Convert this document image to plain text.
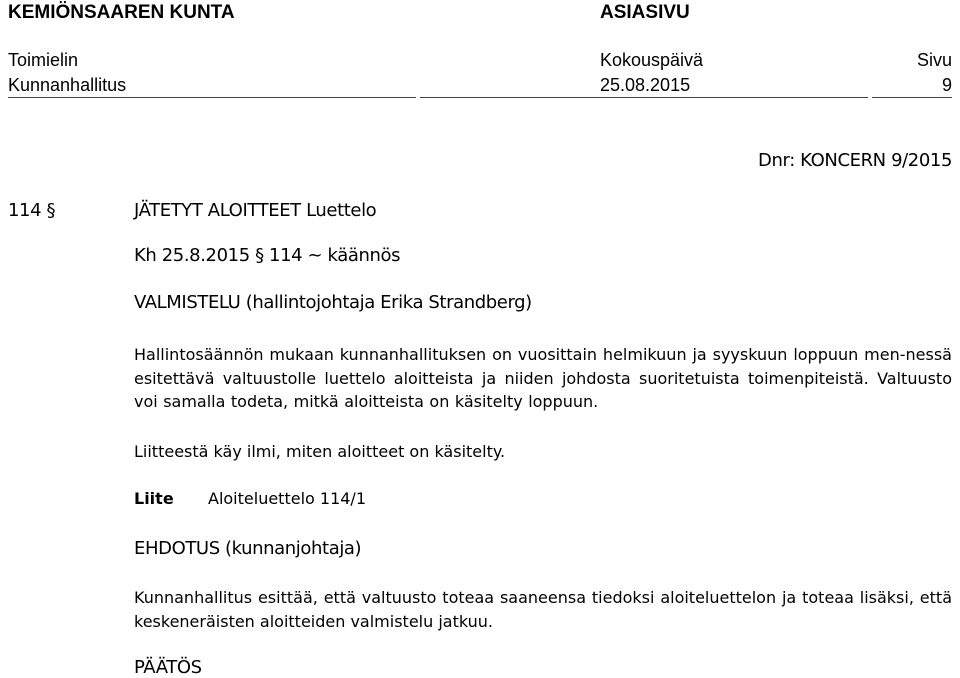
KEMIÖNSAAREN KUNTA	ASIASIVU
Toimielin
Kunnanhallitus
Kokouspäivä
25.08.2015
Sivu
9
Dnr: KONCERN 9/2015
114 §	JÄTETYT ALOITTEET Luettelo
Kh 25.8.2015 § 114 ~ käännös
VALMISTELU (hallintojohtaja Erika Strandberg)
Hallintosäännön mukaan kunnanhallituksen on vuosittain helmikuun ja syyskuun loppuun men-nessä esitettävä valtuustolle luettelo aloitteista ja niiden johdosta suoritetuista toimenpiteistä. Valtuusto voi samalla todeta, mitkä aloitteista on käsitelty loppuun.
Liitteestä käy ilmi, miten aloitteet on käsitelty.
Liite Aloiteluettelo 114/1
EHDOTUS (kunnanjohtaja)
Kunnanhallitus esittää, että valtuusto toteaa saaneensa tiedoksi aloiteluettelon ja toteaa lisäksi, että keskeneräisten aloitteiden valmistelu jatkuu.
PÄÄTÖS
